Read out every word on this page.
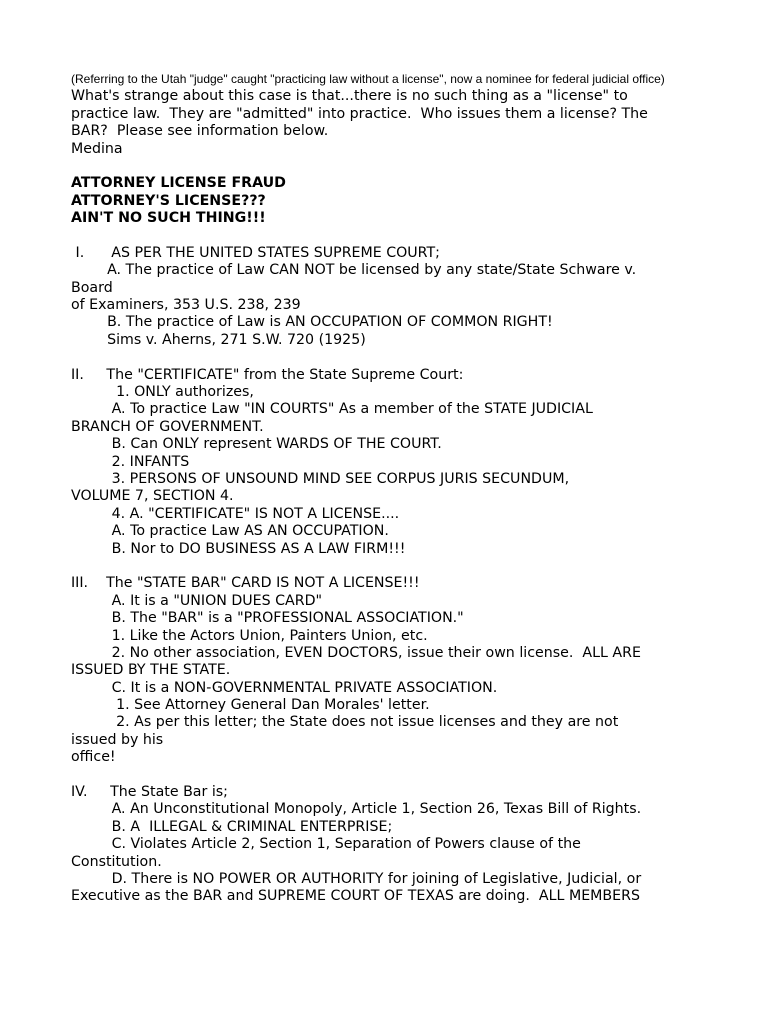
(Referring to the Utah "judge" caught "practicing law without a license", now a nominee for federal judicial office)
What's strange about this case is that...there is no such thing as a "license" to
practice law.  They are "admitted" into practice.  Who issues them a license? The
BAR?  Please see information below.
Medina
ATTORNEY LICENSE FRAUD
ATTORNEY'S LICENSE???
AIN'T NO SUCH THING!!!
I.      AS PER THE UNITED STATES SUPREME COURT;
A. The practice of Law CAN NOT be licensed by any state/State Schware v.
Board
of Examiners, 353 U.S. 238, 239
B. The practice of Law is AN OCCUPATION OF COMMON RIGHT!
Sims v. Aherns, 271 S.W. 720 (1925)
II.     The "CERTIFICATE" from the State Supreme Court:
1. ONLY authorizes,
A. To practice Law "IN COURTS" As a member of the STATE JUDICIAL
BRANCH OF GOVERNMENT.
B. Can ONLY represent WARDS OF THE COURT.
2. INFANTS
3. PERSONS OF UNSOUND MIND SEE CORPUS JURIS SECUNDUM,
VOLUME 7, SECTION 4.
4. A. "CERTIFICATE" IS NOT A LICENSE....
A. To practice Law AS AN OCCUPATION.
B. Nor to DO BUSINESS AS A LAW FIRM!!!
III.    The "STATE BAR" CARD IS NOT A LICENSE!!!
A. It is a "UNION DUES CARD"
B. The "BAR" is a "PROFESSIONAL ASSOCIATION."
1. Like the Actors Union, Painters Union, etc.
2. No other association, EVEN DOCTORS, issue their own license.  ALL ARE
ISSUED BY THE STATE.
C. It is a NON-GOVERNMENTAL PRIVATE ASSOCIATION.
1. See Attorney General Dan Morales' letter.
2. As per this letter; the State does not issue licenses and they are not
issued by his
office!
IV.     The State Bar is;
A. An Unconstitutional Monopoly, Article 1, Section 26, Texas Bill of Rights.
B. A  ILLEGAL & CRIMINAL ENTERPRISE;
C. Violates Article 2, Section 1, Separation of Powers clause of the
Constitution.
D. There is NO POWER OR AUTHORITY for joining of Legislative, Judicial, or
Executive as the BAR and SUPREME COURT OF TEXAS are doing.  ALL MEMBERS
